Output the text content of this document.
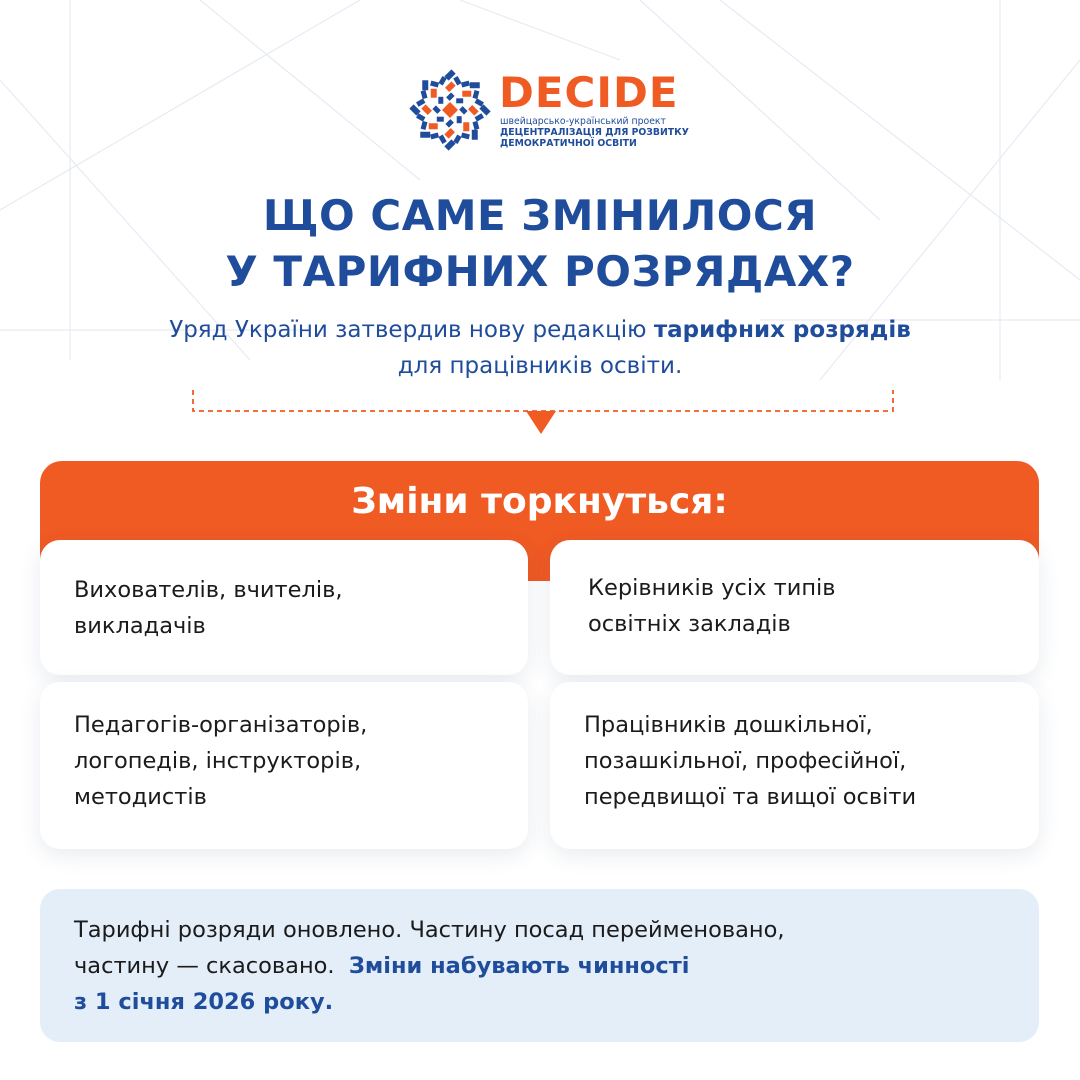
DECIDE
швейцарсько-український проект
ДЕЦЕНТРАЛІЗАЦІЯ ДЛЯ РОЗВИТКУ
ДЕМОКРАТИЧНОЇ ОСВІТИ
ЩО САМЕ ЗМІНИЛОСЯ
У ТАРИФНИХ РОЗРЯДАХ?
Уряд України затвердив нову редакцію тарифних розрядів
для працівників освіти.
Зміни торкнуться:
Вихователів, вчителів,
викладачів
Керівників усіх типів
освітніх закладів
Педагогів-організаторів,
логопедів, інструкторів,
методистів
Працівників дошкільної,
позашкільної, професійної,
передвищої та вищої освіти
Тарифні розряди оновлено. Частину посад перейменовано,
частину — скасовано.  Зміни набувають чинності
з 1 січня 2026 року.
